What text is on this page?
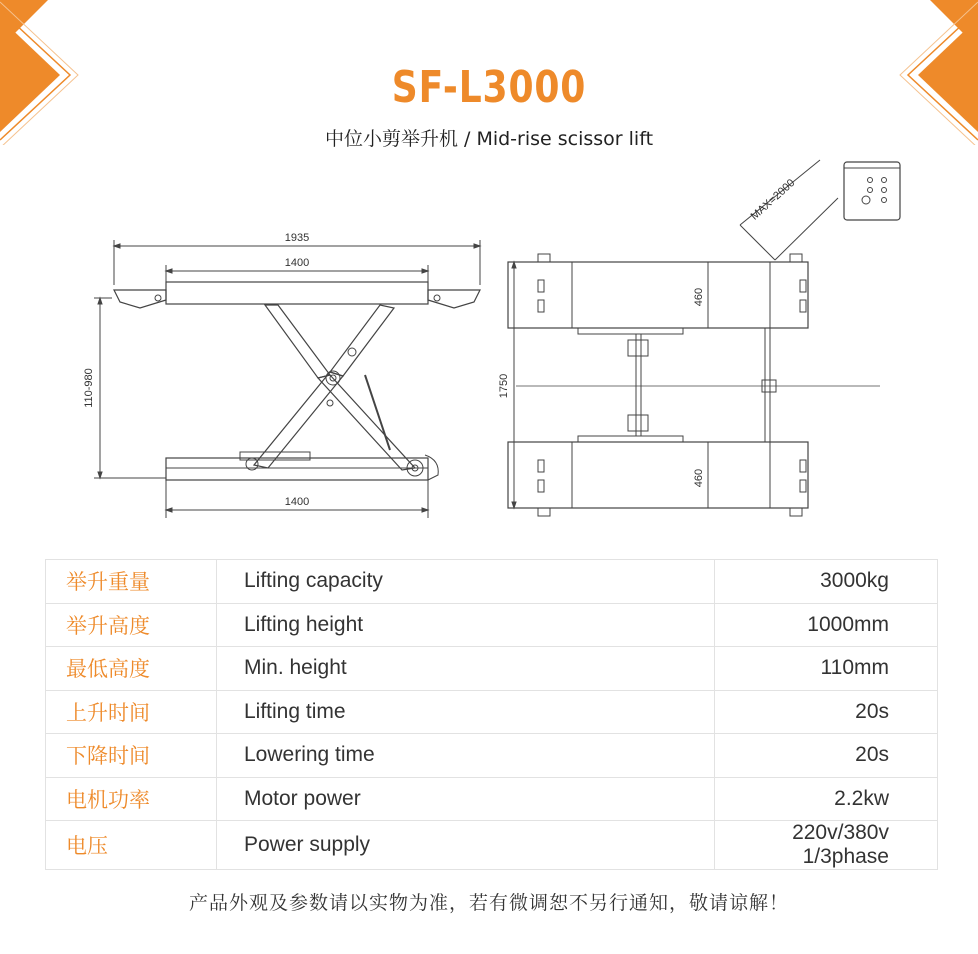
SF-L3000
中位小剪举升机 / Mid-rise scissor lift
1935
1400
110-980
1400
460
460
1750
MAX=2000
举升重量	Lifting capacity	3000kg
举升高度	Lifting height	1000mm
最低高度	Min. height	110mm
上升时间	Lifting time	20s
下降时间	Lowering time	20s
电机功率	Motor power	2.2kw
电压	Power supply	220v/380v 1/3phase
产品外观及参数请以实物为准，若有微调恕不另行通知，敬请谅解！
